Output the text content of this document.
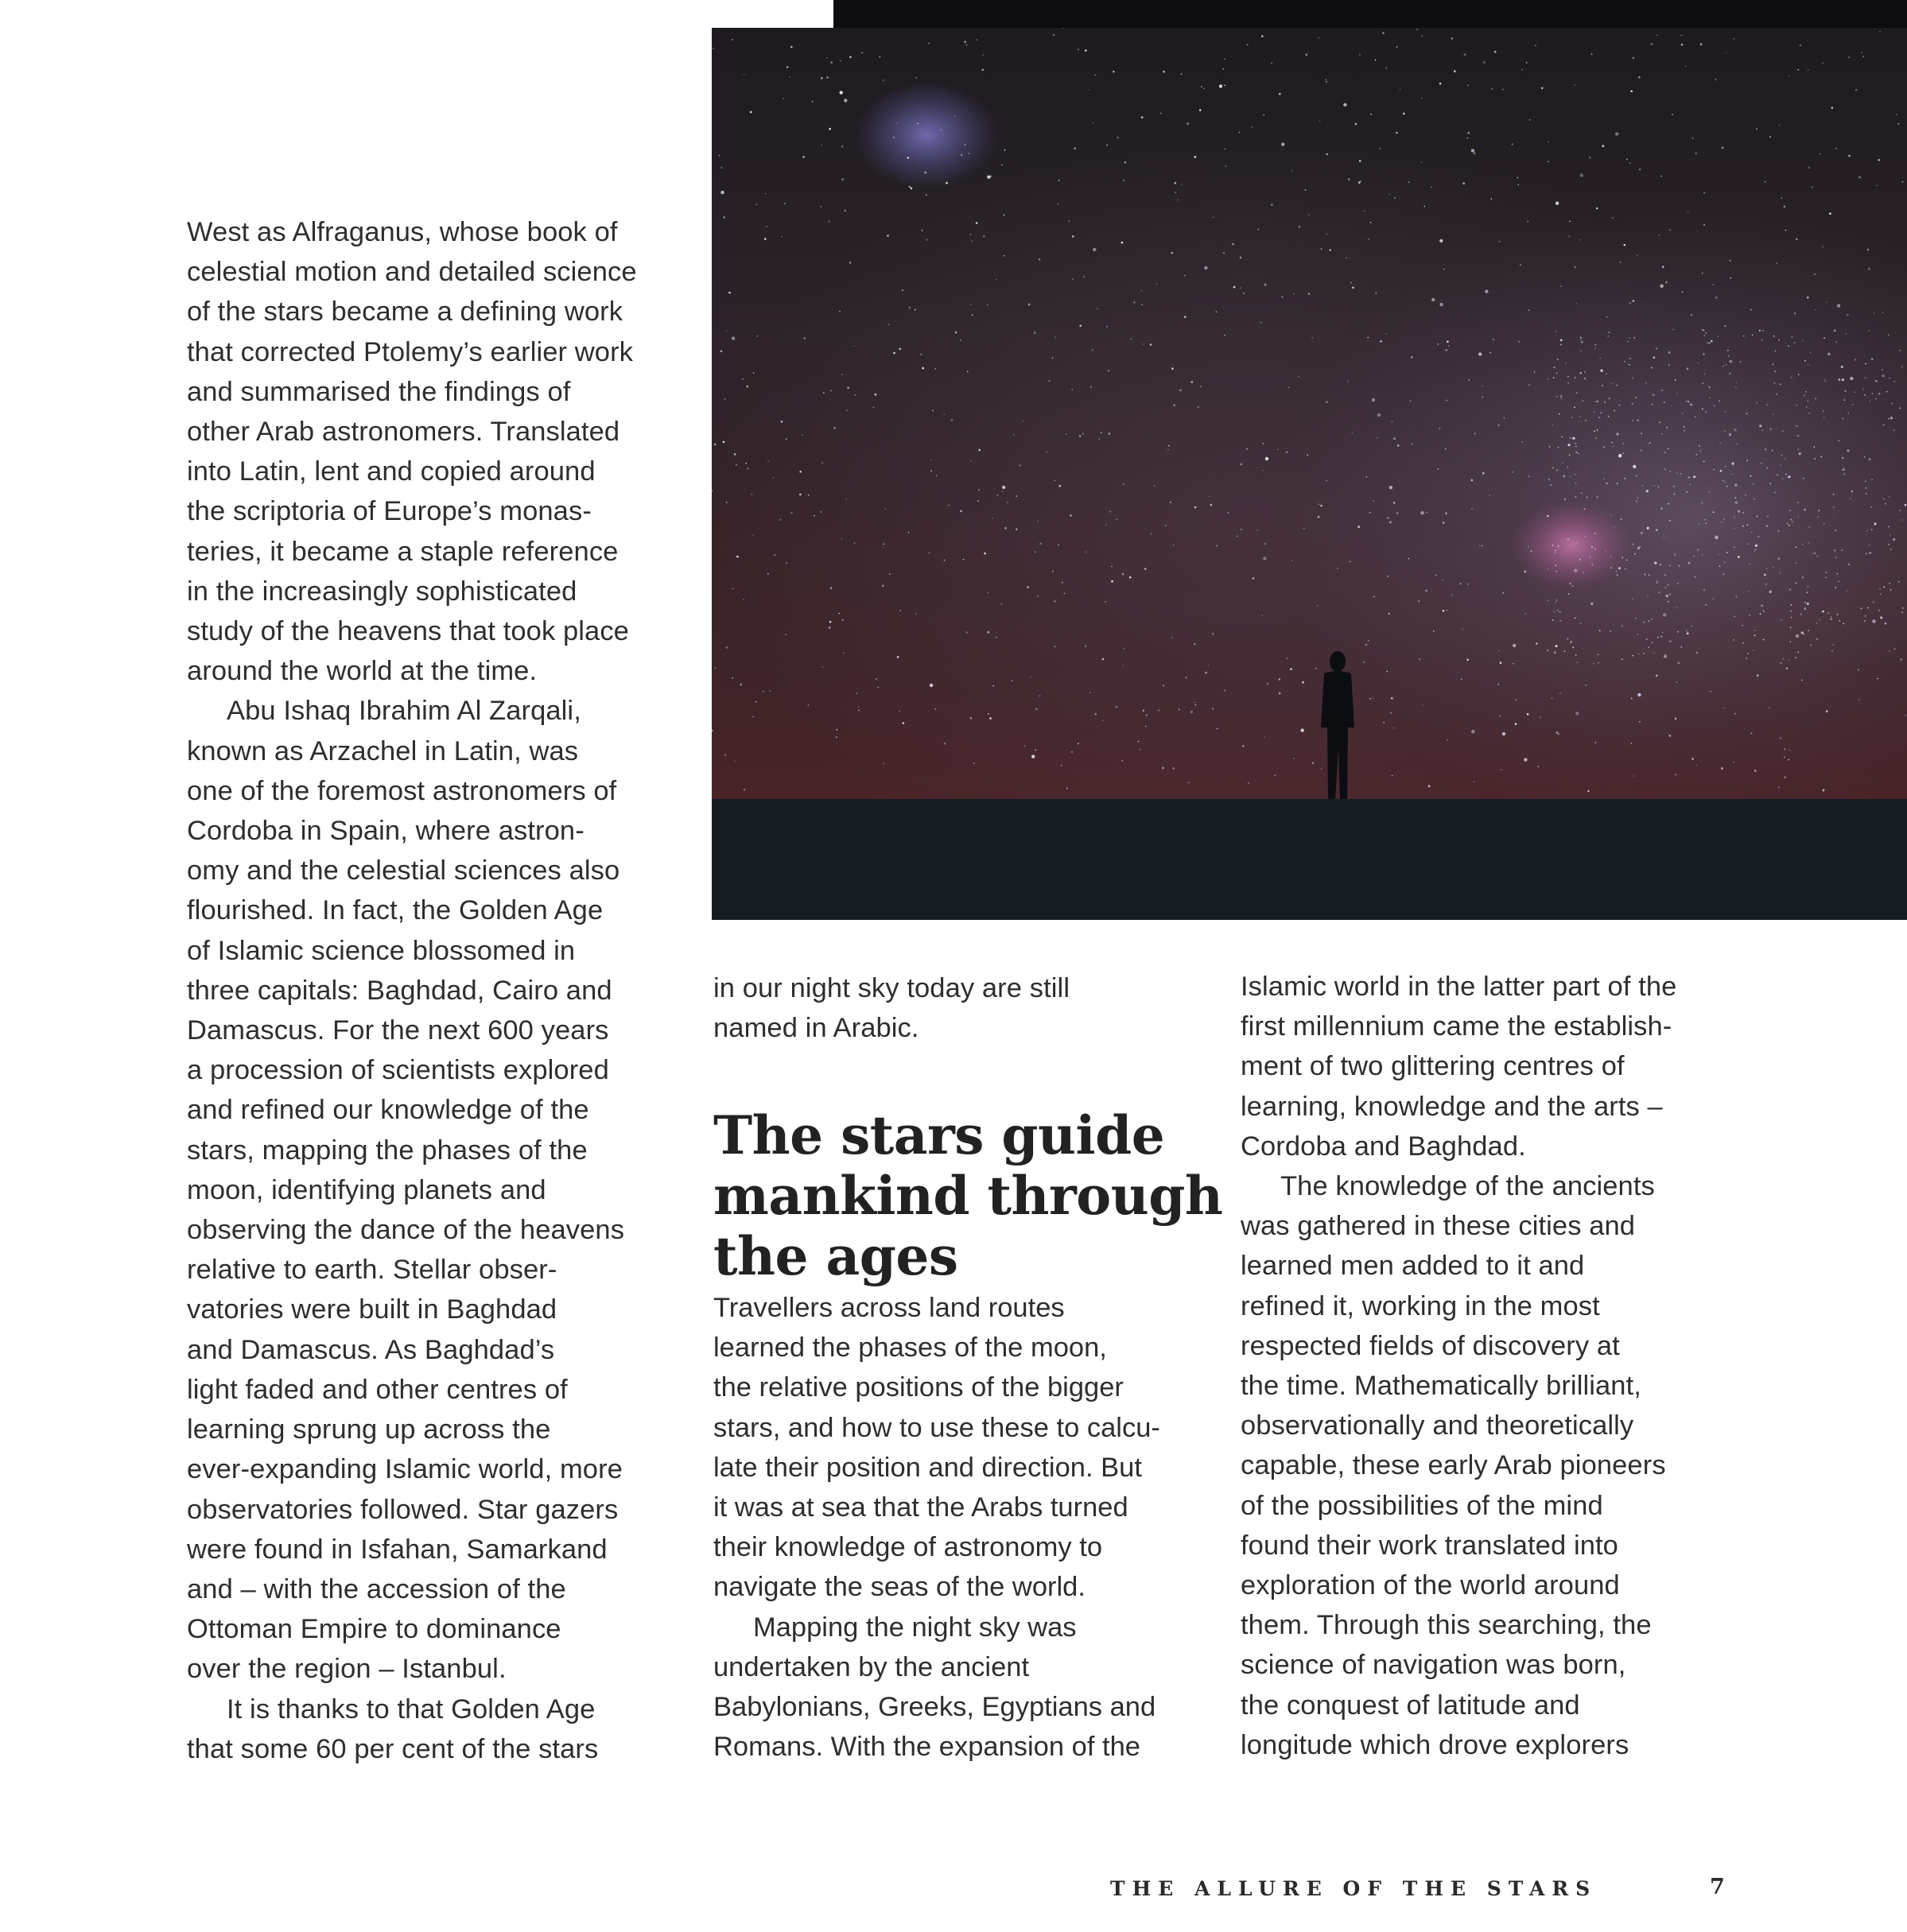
West as Alfraganus, whose book of
celestial motion and detailed science
of the stars became a defining work
that corrected Ptolemy’s earlier work
and summarised the findings of
other Arab astronomers. Translated
into Latin, lent and copied around
the scriptoria of Europe’s monas-
teries, it became a staple reference
in the increasingly sophisticated
study of the heavens that took place
around the world at the time.

Abu Ishaq Ibrahim Al Zarqali,
known as Arzachel in Latin, was
one of the foremost astronomers of
Cordoba in Spain, where astron-
omy and the celestial sciences also
flourished. In fact, the Golden Age
of Islamic science blossomed in
three capitals: Baghdad, Cairo and
Damascus. For the next 600 years
a procession of scientists explored
and refined our knowledge of the
stars, mapping the phases of the
moon, identifying planets and
observing the dance of the heavens
relative to earth. Stellar obser-
vatories were built in Baghdad
and Damascus. As Baghdad’s
light faded and other centres of
learning sprung up across the
ever-expanding Islamic world, more
observatories followed. Star gazers
were found in Isfahan, Samarkand
and – with the accession of the
Ottoman Empire to dominance
over the region – Istanbul.

It is thanks to that Golden Age
that some 60 per cent of the stars

in our night sky today are still
named in Arabic.

The stars guide
mankind through
the ages

Travellers across land routes
learned the phases of the moon,
the relative positions of the bigger
stars, and how to use these to calcu-
late their position and direction. But
it was at sea that the Arabs turned
their knowledge of astronomy to
navigate the seas of the world.

Mapping the night sky was
undertaken by the ancient
Babylonians, Greeks, Egyptians and
Romans. With the expansion of the

Islamic world in the latter part of the
first millennium came the establish-
ment of two glittering centres of
learning, knowledge and the arts –
Cordoba and Baghdad.

The knowledge of the ancients
was gathered in these cities and
learned men added to it and
refined it, working in the most
respected fields of discovery at
the time. Mathematically brilliant,
observationally and theoretically
capable, these early Arab pioneers
of the possibilities of the mind
found their work translated into
exploration of the world around
them. Through this searching, the
science of navigation was born,
the conquest of latitude and
longitude which drove explorers

THE ALLURE OF THE STARS	7
